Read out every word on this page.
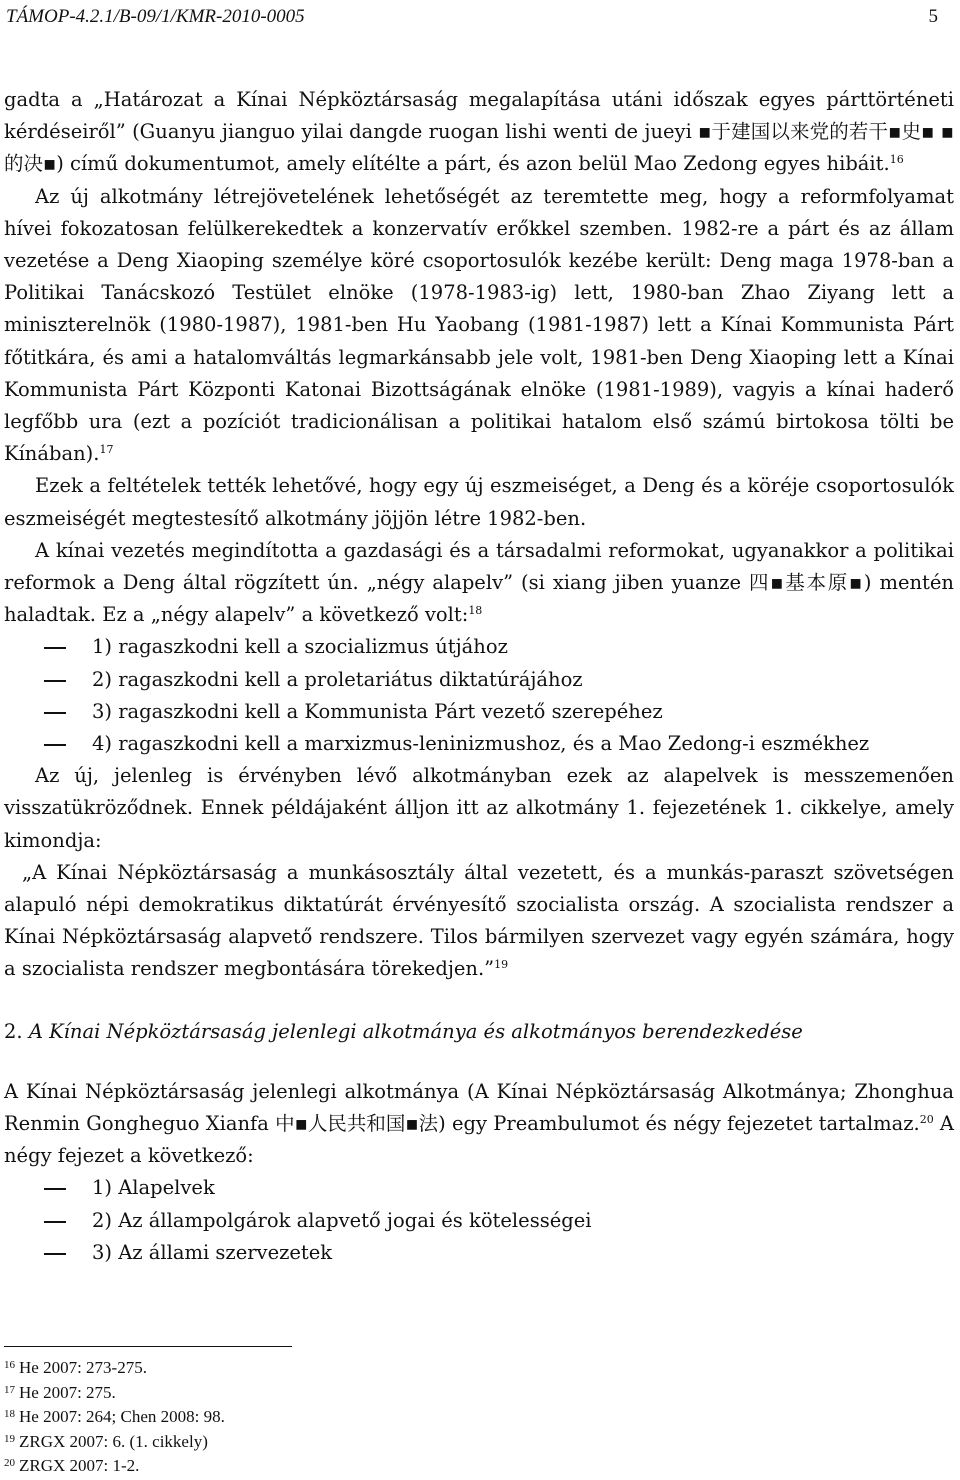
TÁMOP-4.2.1/B-09/1/KMR-2010-0005	5

gadta a „Határozat a Kínai Népköztársaság megalapítása utáni időszak egyes párttörténeti kérdéseiről” (Guanyu jianguo yilai dangde ruogan lishi wenti de jueyi ▪于建国以来党的若干▪史▪ ▪的决▪) című dokumentumot, amely elítélte a párt, és azon belül Mao Zedong egyes hibáit.$^{16}$

Az új alkotmány létrejövetelének lehetőségét az teremtette meg, hogy a reformfolyamat hívei fokozatosan felülkerekedtek a konzervatív erőkkel szemben. 1982-re a párt és az állam vezetése a Deng Xiaoping személye köré csoportosulók kezébe került: Deng maga 1978-ban a Politikai Tanácskozó Testület elnöke (1978-1983-ig) lett, 1980-ban Zhao Ziyang lett a miniszterelnök (1980-1987), 1981-ben Hu Yaobang (1981-1987) lett a Kínai Kommunista Párt főtitkára, és ami a hatalomváltás legmarkánsabb jele volt, 1981-ben Deng Xiaoping lett a Kínai Kommunista Párt Központi Katonai Bizottságának elnöke (1981-1989), vagyis a kínai haderő legfőbb ura (ezt a pozíciót tradicionálisan a politikai hatalom első számú birtokosa tölti be Kínában).$^{17}$

Ezek a feltételek tették lehetővé, hogy egy új eszmeiséget, a Deng és a köréje csoportosulók eszmeiségét megtestesítő alkotmány jöjjön létre 1982-ben.

A kínai vezetés megindította a gazdasági és a társadalmi reformokat, ugyanakkor a politikai reformok a Deng által rögzített ún. „négy alapelv” (si xiang jiben yuanze 四▪基本原▪) mentén haladtak. Ez a „négy alapelv” a következő volt:$^{18}$

1) ragaszkodni kell a szocializmus útjához

2) ragaszkodni kell a proletariátus diktatúrájához

3) ragaszkodni kell a Kommunista Párt vezető szerepéhez

4) ragaszkodni kell a marxizmus-leninizmushoz, és a Mao Zedong-i eszmékhez

Az új, jelenleg is érvényben lévő alkotmányban ezek az alapelvek is messzemenően visszatükröződnek. Ennek példájaként álljon itt az alkotmány 1. fejezetének 1. cikkelye, amely kimondja:

„A Kínai Népköztársaság a munkásosztály által vezetett, és a munkás-paraszt szövetségen alapuló népi demokratikus diktatúrát érvényesítő szocialista ország. A szocialista rendszer a Kínai Népköztársaság alapvető rendszere. Tilos bármilyen szervezet vagy egyén számára, hogy a szocialista rendszer megbontására törekedjen.”$^{19}$

2. A Kínai Népköztársaság jelenlegi alkotmánya és alkotmányos berendezkedése

A Kínai Népköztársaság jelenlegi alkotmánya (A Kínai Népköztársaság Alkotmánya; Zhonghua Renmin Gongheguo Xianfa 中▪人民共和国▪法) egy Preambulumot és négy fejezetet tartalmaz.$^{20}$ A négy fejezet a következő:

1) Alapelvek

2) Az állampolgárok alapvető jogai és kötelességei

3) Az állami szervezetek

$^{16}$ He 2007: 273-275.
$^{17}$ He 2007: 275.
$^{18}$ He 2007: 264; Chen 2008: 98.
$^{19}$ ZRGX 2007: 6. (1. cikkely)
$^{20}$ ZRGX 2007: 1-2.
